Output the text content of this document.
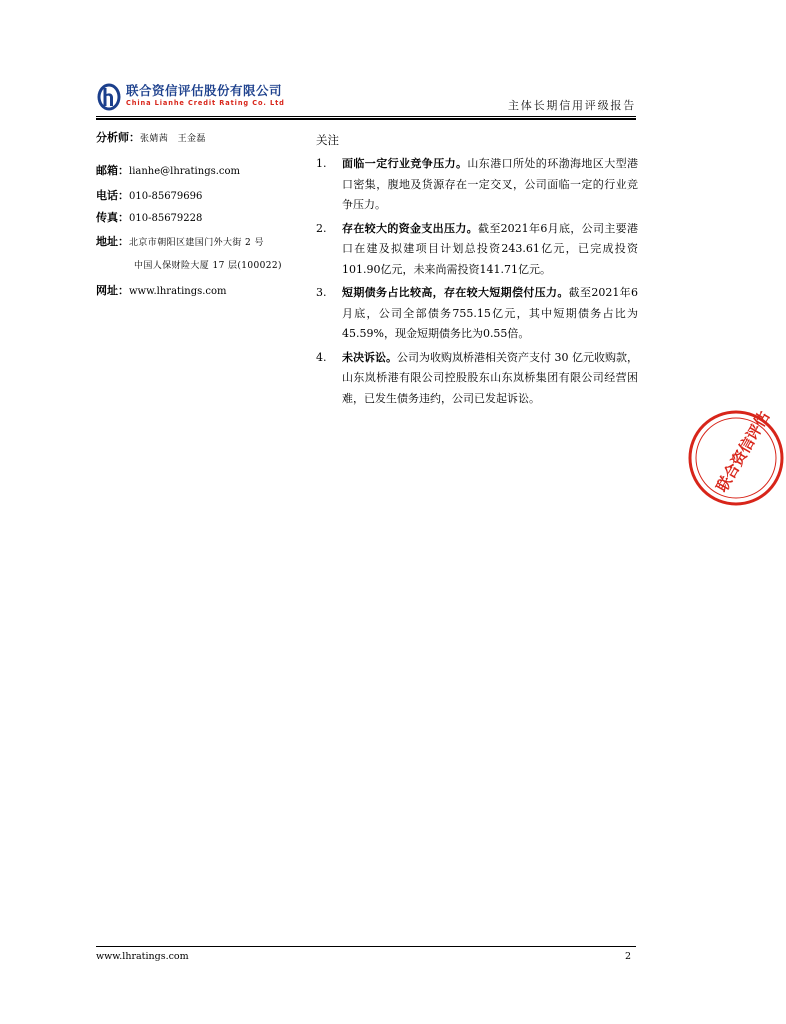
联合资信评估股份有限公司
China Lianhe Credit Rating Co. Ltd	主体长期信用评级报告
分析师：张婧茜　王金磊
邮箱：lianhe@lhratings.com
电话：010-85679696
传真：010-85679228
地址：北京市朝阳区建国门外大街 2 号
中国人保财险大厦 17 层(100022)
网址：www.lhratings.com
关注
1. 面临一定行业竞争压力。山东港口所处的环渤海地区大型港口密集，腹地及货源存在一定交叉，公司面临一定的行业竞争压力。
2. 存在较大的资金支出压力。截至2021年6月底，公司主要港口在建及拟建项目计划总投资243.61亿元，已完成投资101.90亿元，未来尚需投资141.71亿元。
3. 短期债务占比较高，存在较大短期偿付压力。截至2021年6月底，公司全部债务755.15亿元，其中短期债务占比为45.59%，现金短期债务比为0.55倍。
4. 未决诉讼。公司为收购岚桥港相关资产支付 30 亿元收购款，山东岚桥港有限公司控股股东山东岚桥集团有限公司经营困难，已发生债务违约，公司已发起诉讼。
联合资信评估
www.lhratings.com	2
